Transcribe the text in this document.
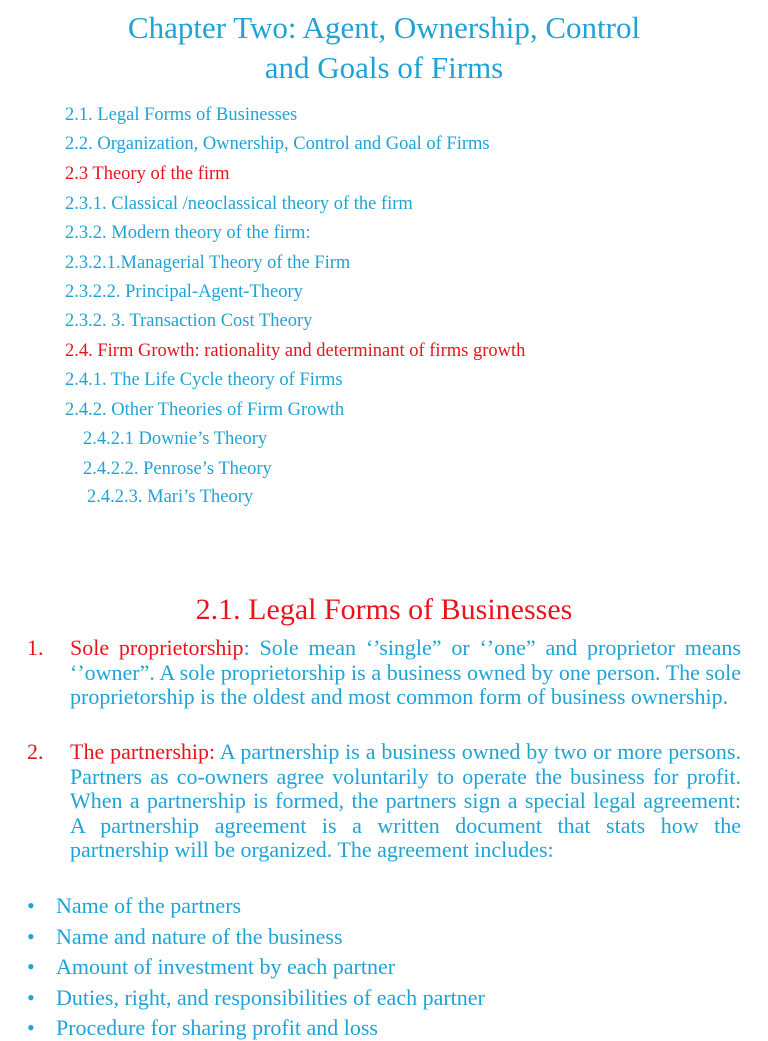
Chapter Two: Agent, Ownership, Control
and Goals of Firms
2.1. Legal Forms of Businesses
2.2. Organization, Ownership, Control and Goal of Firms
2.3 Theory of the firm
2.3.1. Classical /neoclassical theory of the firm
2.3.2. Modern theory of the firm:
2.3.2.1.Managerial Theory of the Firm
2.3.2.2. Principal-Agent-Theory
2.3.2. 3. Transaction Cost Theory
2.4. Firm Growth: rationality and determinant of firms growth
2.4.1. The Life Cycle theory of Firms
2.4.2. Other Theories of Firm Growth
2.4.2.1 Downie’s Theory
2.4.2.2. Penrose’s Theory
2.4.2.3. Mari’s Theory
2.1. Legal Forms of Businesses
1. Sole proprietorship: Sole mean ‘’single” or ‘’one” and proprietor means ‘’owner”. A sole proprietorship is a business owned by one person. The sole proprietorship is the oldest and most common form of business ownership.
2. The partnership: A partnership is a business owned by two or more persons. Partners as co-owners agree voluntarily to operate the business for profit. When a partnership is formed, the partners sign a special legal agreement: A partnership agreement is a written document that stats how the partnership will be organized. The agreement includes:
• Name of the partners
• Name and nature of the business
• Amount of investment by each partner
• Duties, right, and responsibilities of each partner
• Procedure for sharing profit and loss
